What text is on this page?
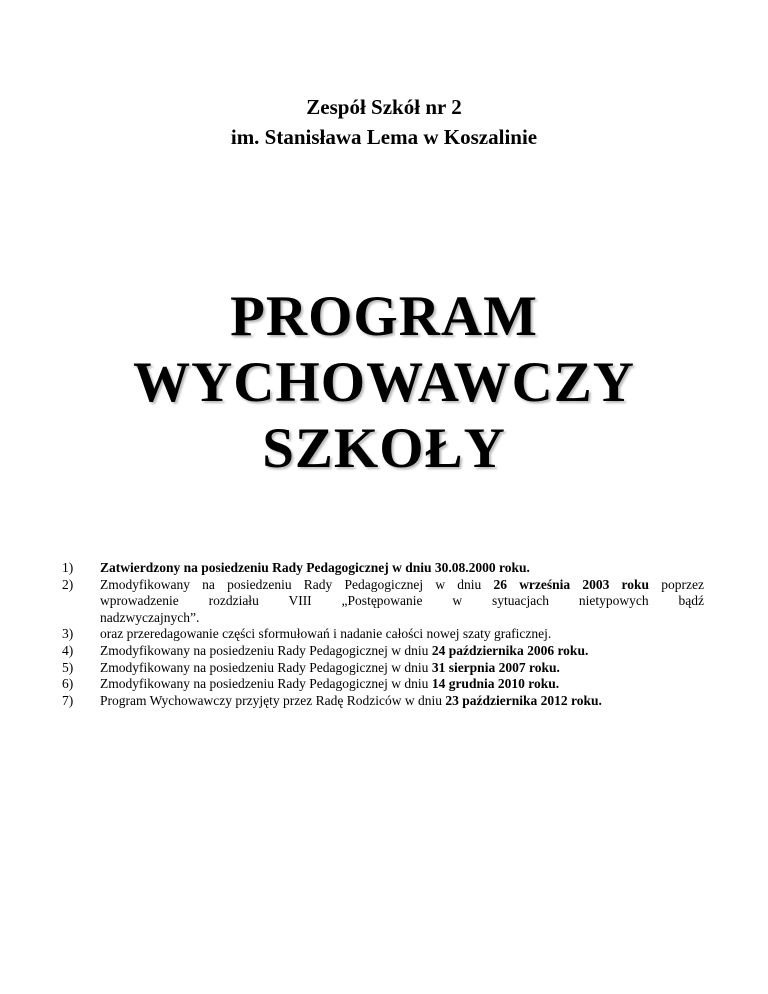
Zespół Szkół nr 2
im. Stanisława Lema w Koszalinie
PROGRAM
WYCHOWAWCZY
SZKOŁY
1)	Zatwierdzony na posiedzeniu Rady Pedagogicznej w dniu 30.08.2000 roku.
2)	Zmodyfikowany na posiedzeniu Rady Pedagogicznej w dniu 26 września 2003 roku poprzez
wprowadzenie rozdziału VIII „Postępowanie w sytuacjach nietypowych bądź
nadzwyczajnych”.
3)	oraz przeredagowanie części sformułowań i nadanie całości nowej szaty graficznej.
4)	Zmodyfikowany na posiedzeniu Rady Pedagogicznej w dniu 24 października 2006 roku.
5)	Zmodyfikowany na posiedzeniu Rady Pedagogicznej w dniu 31 sierpnia 2007 roku.
6)	Zmodyfikowany na posiedzeniu Rady Pedagogicznej w dniu 14 grudnia 2010 roku.
7)	Program Wychowawczy przyjęty przez Radę Rodziców w dniu 23 października 2012 roku.
